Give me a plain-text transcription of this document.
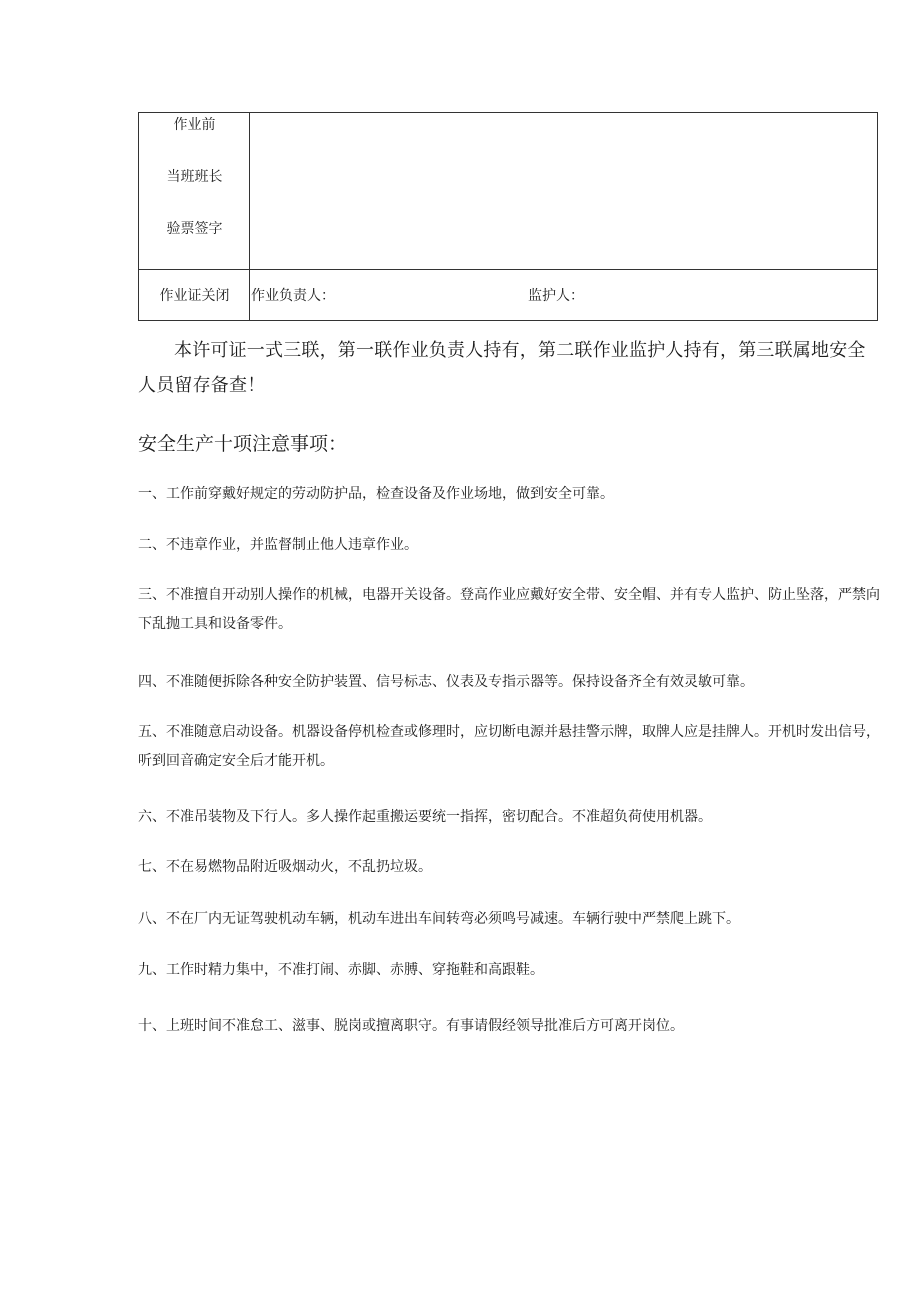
作业前
当班班长
验票签字
作业证关闭	作业负责人：	监护人：
本许可证一式三联，第一联作业负责人持有，第二联作业监护人持有，第三联属地安全人员留存备查！
安全生产十项注意事项：
一、工作前穿戴好规定的劳动防护品，检查设备及作业场地，做到安全可靠。
二、不违章作业，并监督制止他人违章作业。
三、不准擅自开动别人操作的机械，电器开关设备。登高作业应戴好安全带、安全帽、并有专人监护、防止坠落，严禁向下乱抛工具和设备零件。
四、不准随便拆除各种安全防护装置、信号标志、仪表及专指示器等。保持设备齐全有效灵敏可靠。
五、不准随意启动设备。机器设备停机检查或修理时，应切断电源并悬挂警示牌，取牌人应是挂牌人。开机时发出信号，听到回音确定安全后才能开机。
六、不准吊装物及下行人。多人操作起重搬运要统一指挥，密切配合。不准超负荷使用机器。
七、不在易燃物品附近吸烟动火，不乱扔垃圾。
八、不在厂内无证驾驶机动车辆，机动车进出车间转弯必须鸣号减速。车辆行驶中严禁爬上跳下。
九、工作时精力集中，不准打闹、赤脚、赤膊、穿拖鞋和高跟鞋。
十、上班时间不准怠工、滋事、脱岗或擅离职守。有事请假经领导批准后方可离开岗位。
